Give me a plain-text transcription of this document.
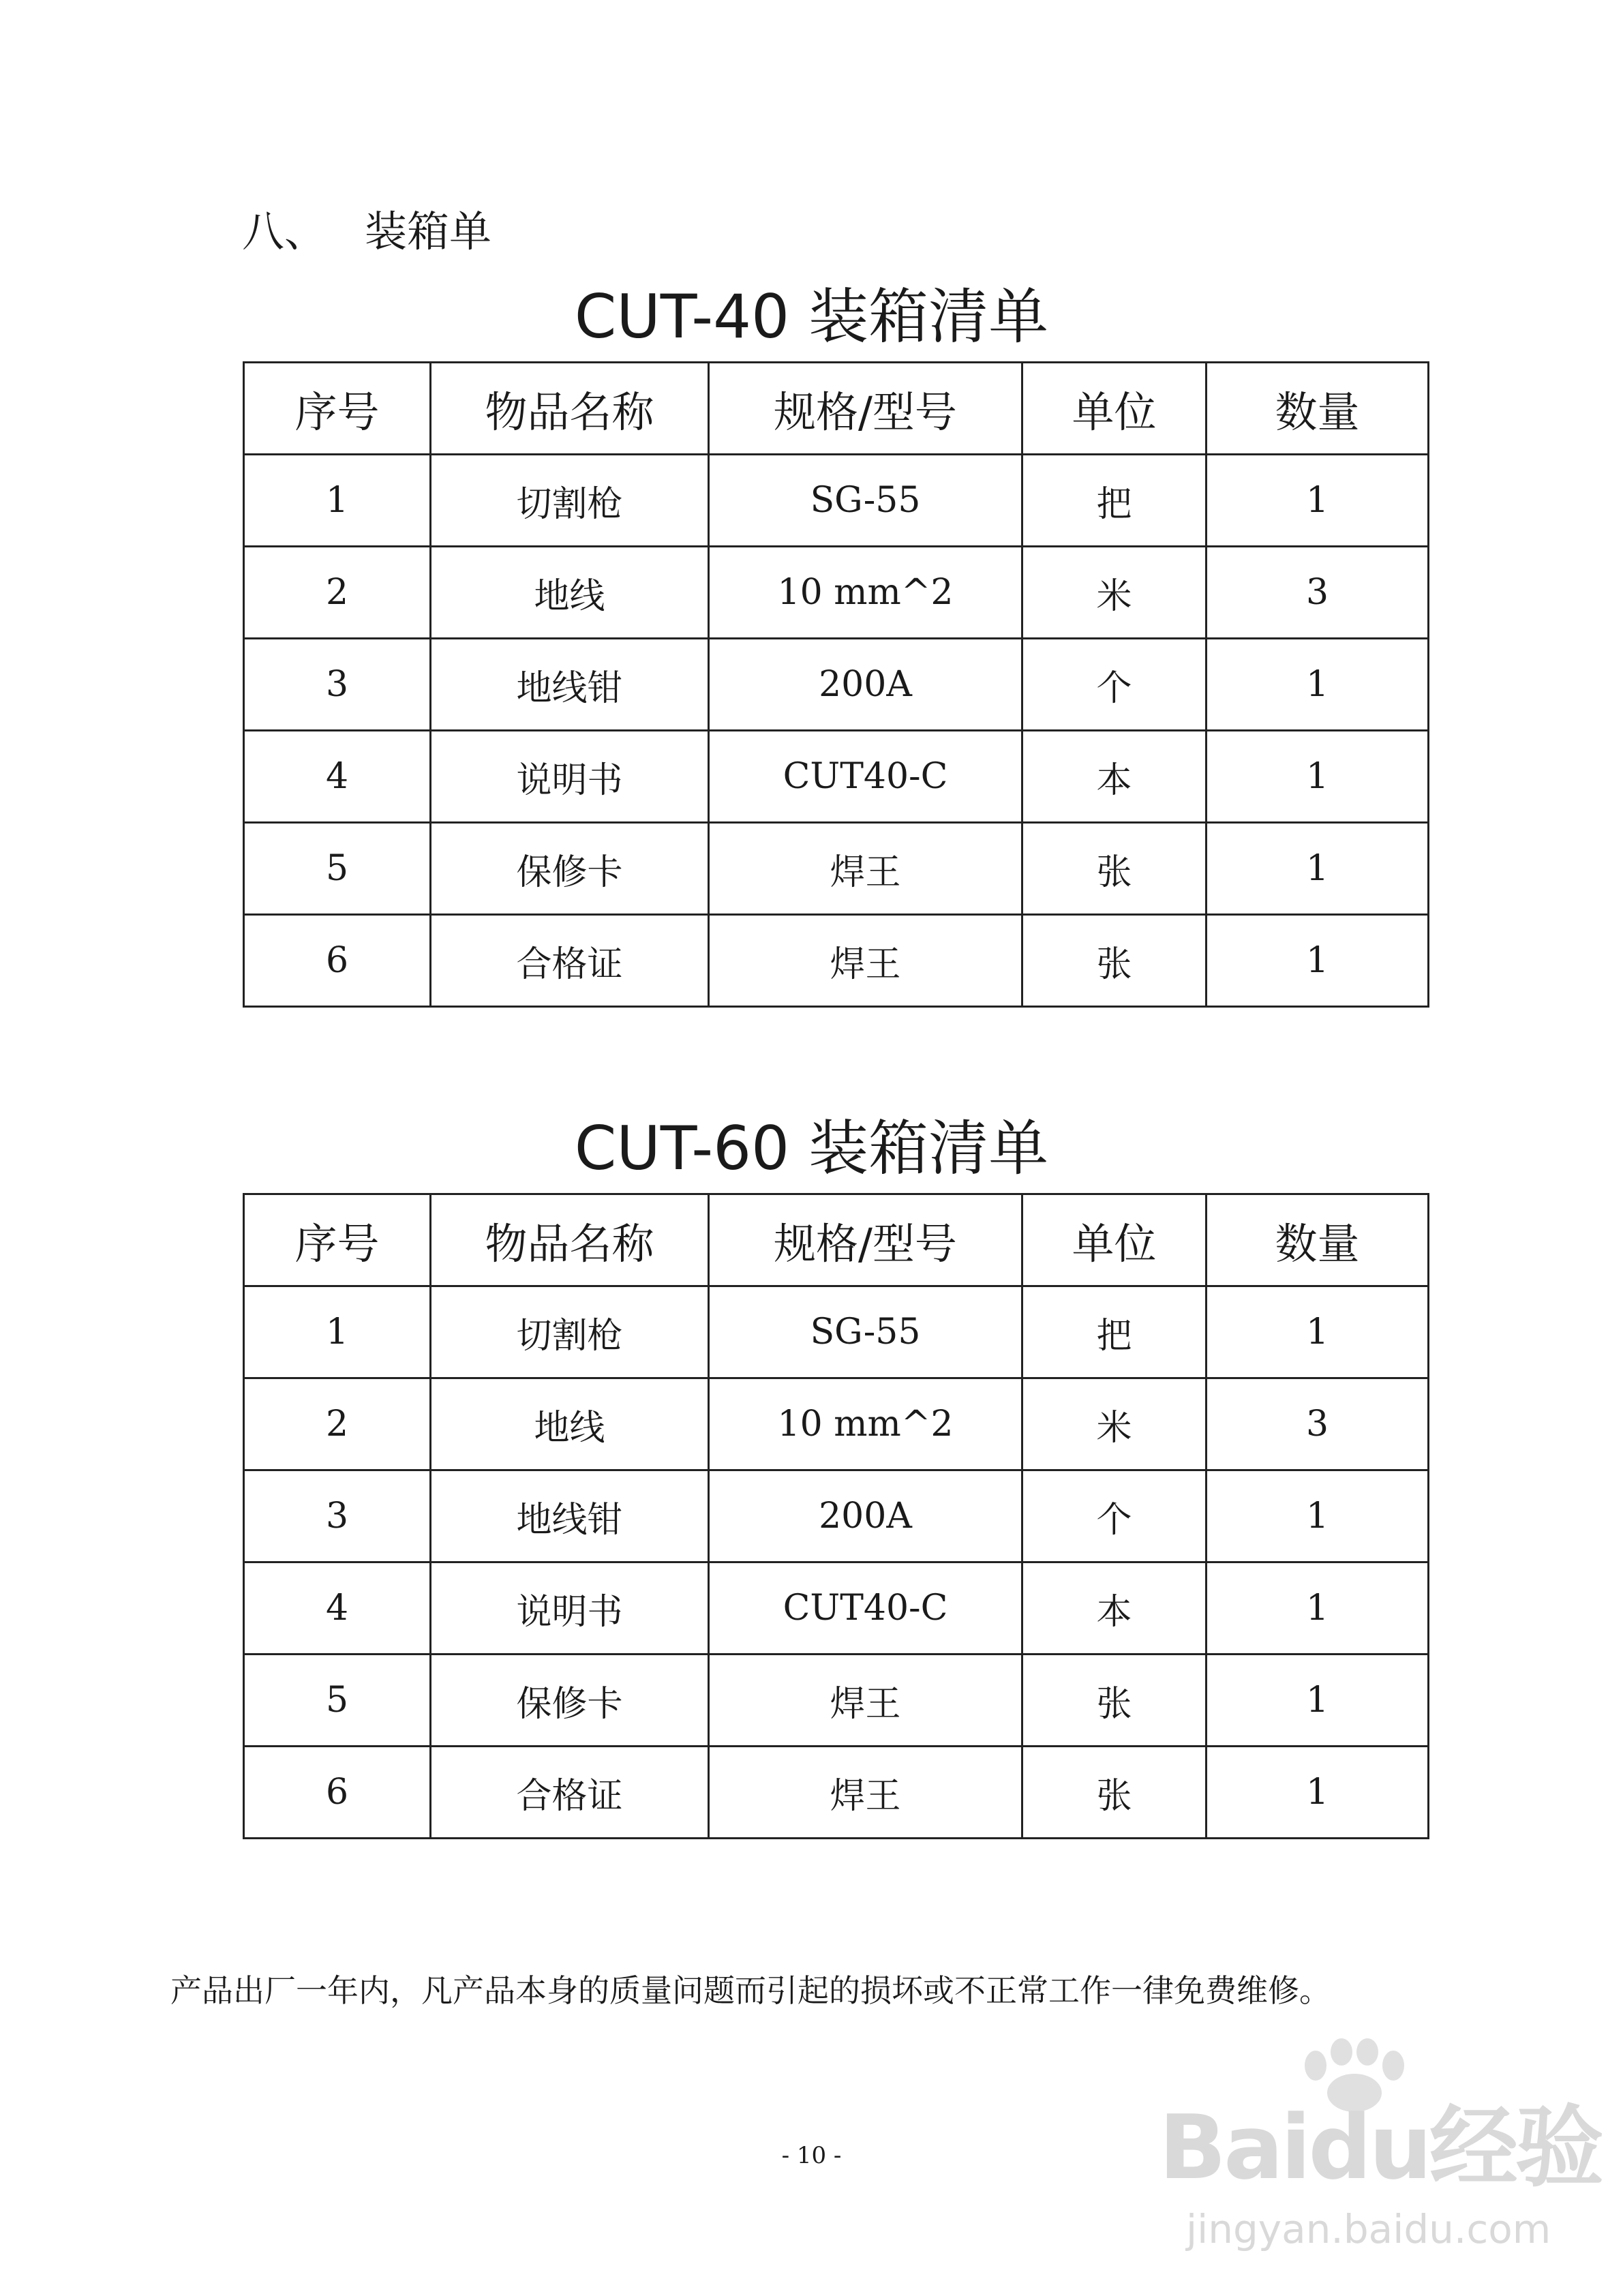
八、 装箱单
CUT-40 装箱清单
序号	物品名称	规格/型号	单位	数量
1	切割枪	SG-55	把	1
2	地线	10 mm^2	米	3
3	地线钳	200A	个	1
4	说明书	CUT40-C	本	1
5	保修卡	焊王	张	1
6	合格证	焊王	张	1
CUT-60 装箱清单
序号	物品名称	规格/型号	单位	数量
1	切割枪	SG-55	把	1
2	地线	10 mm^2	米	3
3	地线钳	200A	个	1
4	说明书	CUT40-C	本	1
5	保修卡	焊王	张	1
6	合格证	焊王	张	1
产品出厂一年内，凡产品本身的质量问题而引起的损坏或不正常工作一律免费维修。
- 10 -	Baidu经验
jingyan.baidu.com
